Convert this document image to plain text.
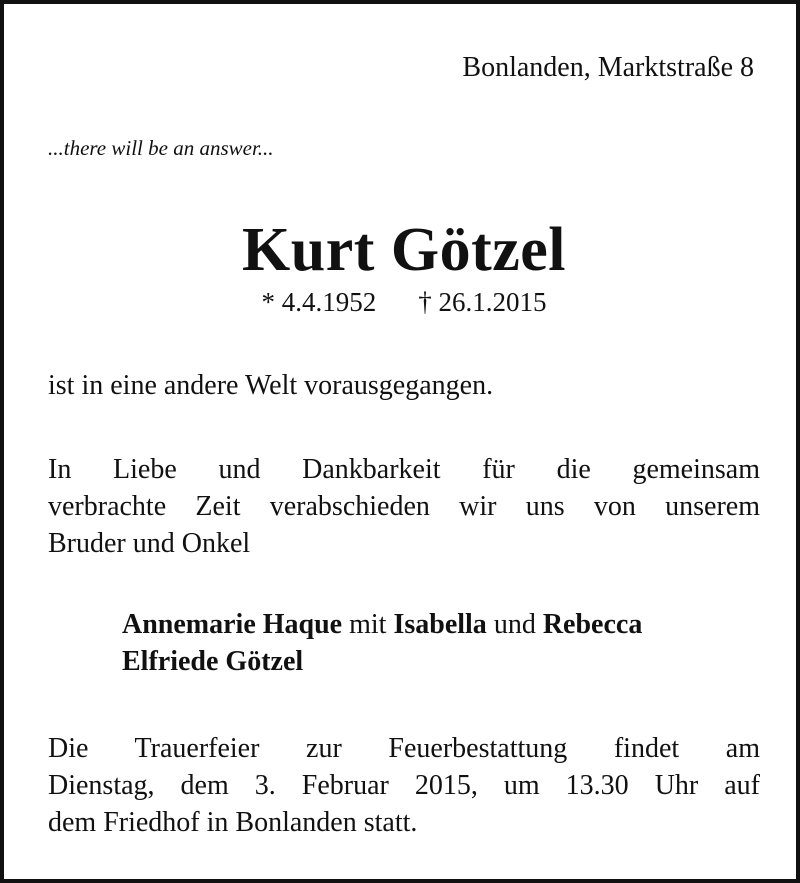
Bonlanden, Marktstraße 8
...there will be an answer...
Kurt Götzel
* 4.4.1952 † 26.1.2015
ist in eine andere Welt vorausgegangen.
In Liebe und Dankbarkeit für die gemeinsam
verbrachte Zeit verabschieden wir uns von unserem
Bruder und Onkel
Annemarie Haque mit Isabella und Rebecca
Elfriede Götzel
Die Trauerfeier zur Feuerbestattung findet am
Dienstag, dem 3. Februar 2015, um 13.30 Uhr auf
dem Friedhof in Bonlanden statt.
